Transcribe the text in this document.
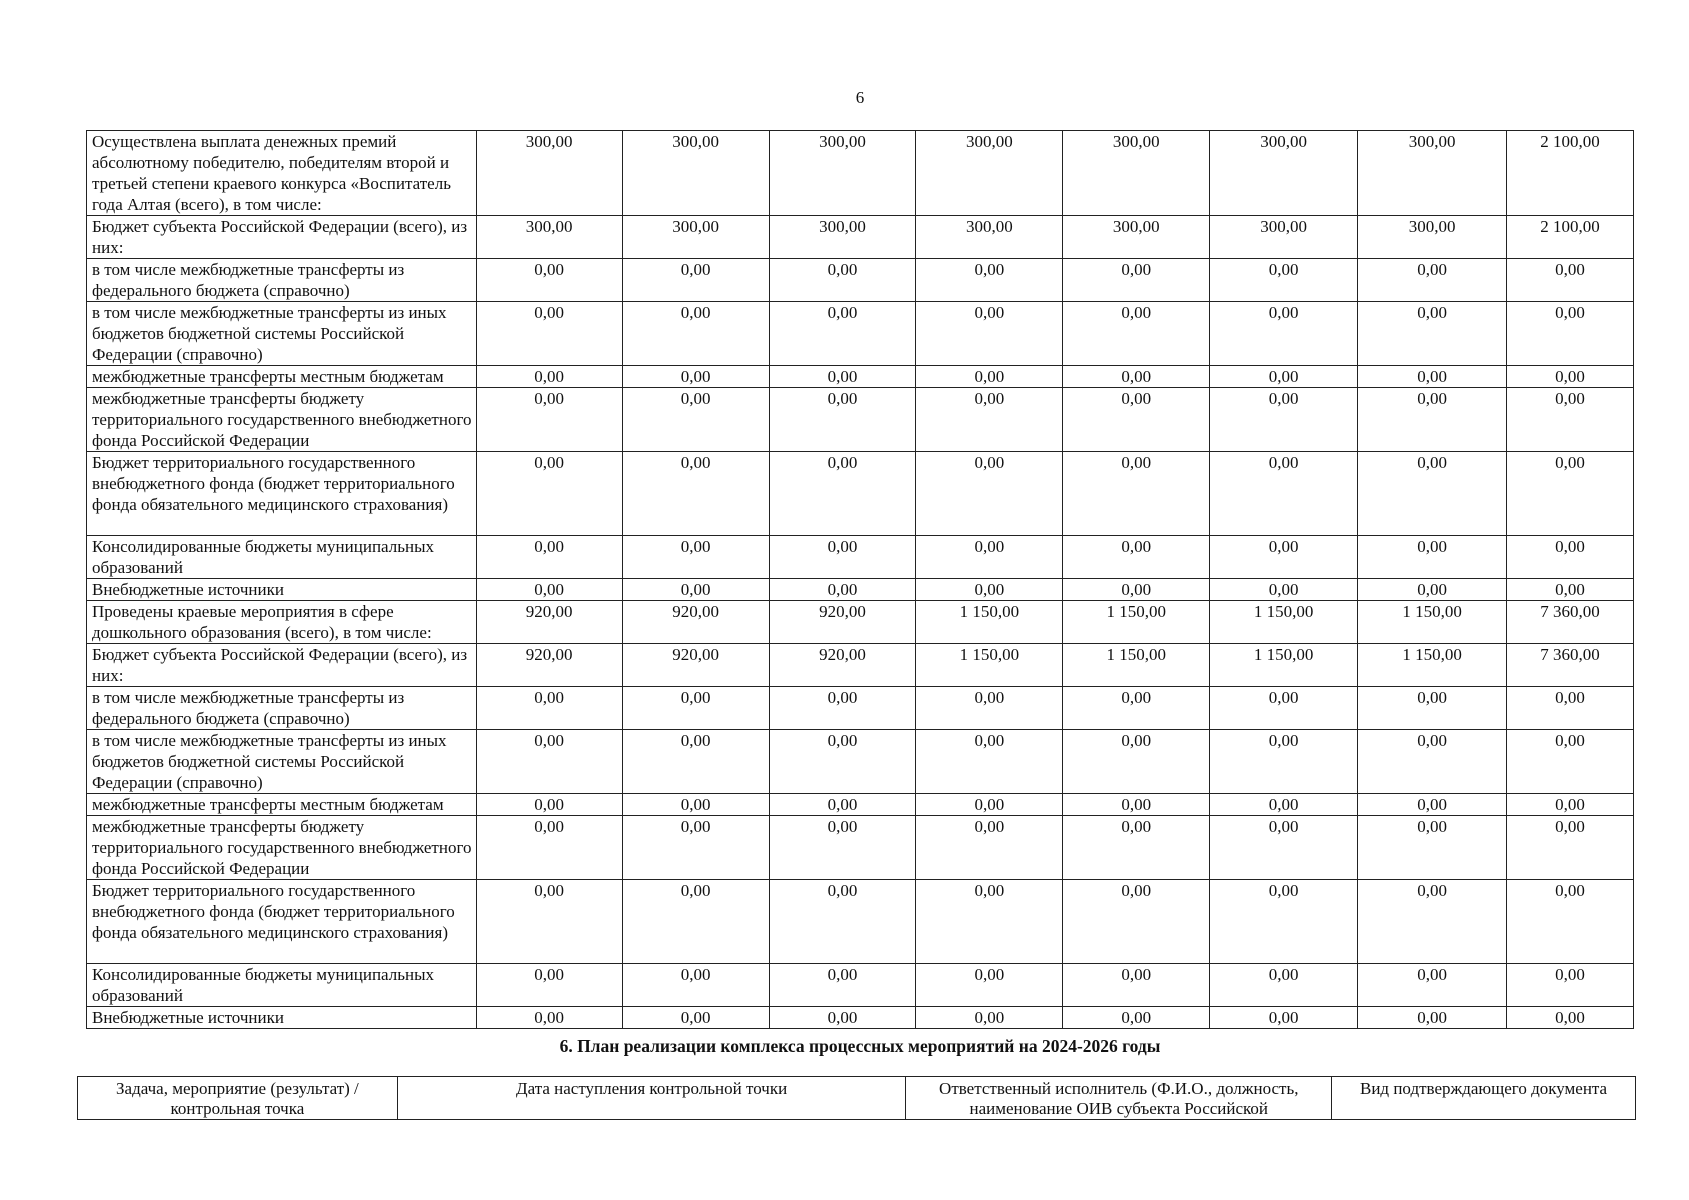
6
Осуществлена выплата денежных премий абсолютному победителю, победителям второй и третьей степени краевого конкурса «Воспитатель года Алтая (всего), в том числе:	300,00	300,00	300,00	300,00	300,00	300,00	300,00	2 100,00
Бюджет субъекта Российской Федерации (всего), из них:	300,00	300,00	300,00	300,00	300,00	300,00	300,00	2 100,00
в том числе межбюджетные трансферты из федерального бюджета (справочно)	0,00	0,00	0,00	0,00	0,00	0,00	0,00	0,00
в том числе межбюджетные трансферты из иных бюджетов бюджетной системы Российской Федерации (справочно)	0,00	0,00	0,00	0,00	0,00	0,00	0,00	0,00
межбюджетные трансферты местным бюджетам	0,00	0,00	0,00	0,00	0,00	0,00	0,00	0,00
межбюджетные трансферты бюджету территориального государственного внебюджетного фонда Российской Федерации	0,00	0,00	0,00	0,00	0,00	0,00	0,00	0,00
Бюджет территориального государственного внебюджетного фонда (бюджет территориального фонда обязательного медицинского страхования)	0,00	0,00	0,00	0,00	0,00	0,00	0,00	0,00
Консолидированные бюджеты муниципальных образований	0,00	0,00	0,00	0,00	0,00	0,00	0,00	0,00
Внебюджетные источники	0,00	0,00	0,00	0,00	0,00	0,00	0,00	0,00
Проведены краевые мероприятия в сфере дошкольного образования (всего), в том числе:	920,00	920,00	920,00	1 150,00	1 150,00	1 150,00	1 150,00	7 360,00
Бюджет субъекта Российской Федерации (всего), из них:	920,00	920,00	920,00	1 150,00	1 150,00	1 150,00	1 150,00	7 360,00
в том числе межбюджетные трансферты из федерального бюджета (справочно)	0,00	0,00	0,00	0,00	0,00	0,00	0,00	0,00
в том числе межбюджетные трансферты из иных бюджетов бюджетной системы Российской Федерации (справочно)	0,00	0,00	0,00	0,00	0,00	0,00	0,00	0,00
межбюджетные трансферты местным бюджетам	0,00	0,00	0,00	0,00	0,00	0,00	0,00	0,00
межбюджетные трансферты бюджету территориального государственного внебюджетного фонда Российской Федерации	0,00	0,00	0,00	0,00	0,00	0,00	0,00	0,00
Бюджет территориального государственного внебюджетного фонда (бюджет территориального фонда обязательного медицинского страхования)	0,00	0,00	0,00	0,00	0,00	0,00	0,00	0,00
Консолидированные бюджеты муниципальных образований	0,00	0,00	0,00	0,00	0,00	0,00	0,00	0,00
Внебюджетные источники	0,00	0,00	0,00	0,00	0,00	0,00	0,00	0,00
6. План реализации комплекса процессных мероприятий на 2024-2026 годы
Задача, мероприятие (результат) / контрольная точка	Дата наступления контрольной точки	Ответственный исполнитель (Ф.И.О., должность, наименование ОИВ субъекта Российской	Вид подтверждающего документа
